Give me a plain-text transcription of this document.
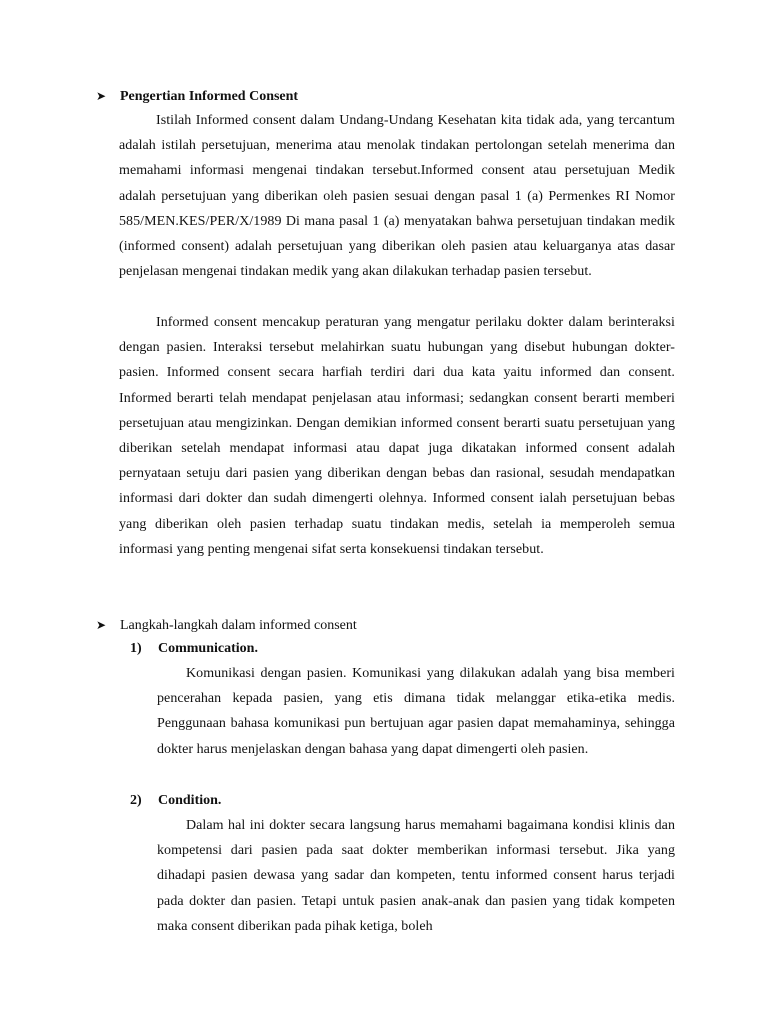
➤ Pengertian Informed Consent

Istilah Informed consent dalam Undang-Undang Kesehatan kita tidak ada, yang tercantum adalah istilah persetujuan, menerima atau menolak tindakan pertolongan setelah menerima dan memahami informasi mengenai tindakan tersebut.Informed consent atau persetujuan Medik adalah persetujuan yang diberikan oleh pasien sesuai dengan pasal 1 (a) Permenkes RI Nomor 585/MEN.KES/PER/X/1989 Di mana pasal 1 (a) menyatakan bahwa persetujuan tindakan medik (informed consent) adalah persetujuan yang diberikan oleh pasien atau keluarganya atas dasar penjelasan mengenai tindakan medik yang akan dilakukan terhadap pasien tersebut.

Informed consent mencakup peraturan yang mengatur perilaku dokter dalam berinteraksi dengan pasien. Interaksi tersebut melahirkan suatu hubungan yang disebut hubungan dokter-pasien. Informed consent secara harfiah terdiri dari dua kata yaitu informed dan consent. Informed berarti telah mendapat penjelasan atau informasi; sedangkan consent berarti memberi persetujuan atau mengizinkan. Dengan demikian informed consent berarti suatu persetujuan yang diberikan setelah mendapat informasi atau dapat juga dikatakan informed consent adalah pernyataan setuju dari pasien yang diberikan dengan bebas dan rasional, sesudah mendapatkan informasi dari dokter dan sudah dimengerti olehnya. Informed consent ialah persetujuan bebas yang diberikan oleh pasien terhadap suatu tindakan medis, setelah ia memperoleh semua informasi yang penting mengenai sifat serta konsekuensi tindakan tersebut.

➤ Langkah-langkah dalam informed consent
1) Communication.

Komunikasi dengan pasien. Komunikasi yang dilakukan adalah yang bisa memberi pencerahan kepada pasien, yang etis dimana tidak melanggar etika-etika medis. Penggunaan bahasa komunikasi pun bertujuan agar pasien dapat memahaminya, sehingga dokter harus menjelaskan dengan bahasa yang dapat dimengerti oleh pasien.

2) Condition.

Dalam hal ini dokter secara langsung harus memahami bagaimana kondisi klinis dan kompetensi dari pasien pada saat dokter memberikan informasi tersebut. Jika yang dihadapi pasien dewasa yang sadar dan kompeten, tentu informed consent harus terjadi pada dokter dan pasien. Tetapi untuk pasien anak-anak dan pasien yang tidak kompeten maka consent diberikan pada pihak ketiga, boleh
